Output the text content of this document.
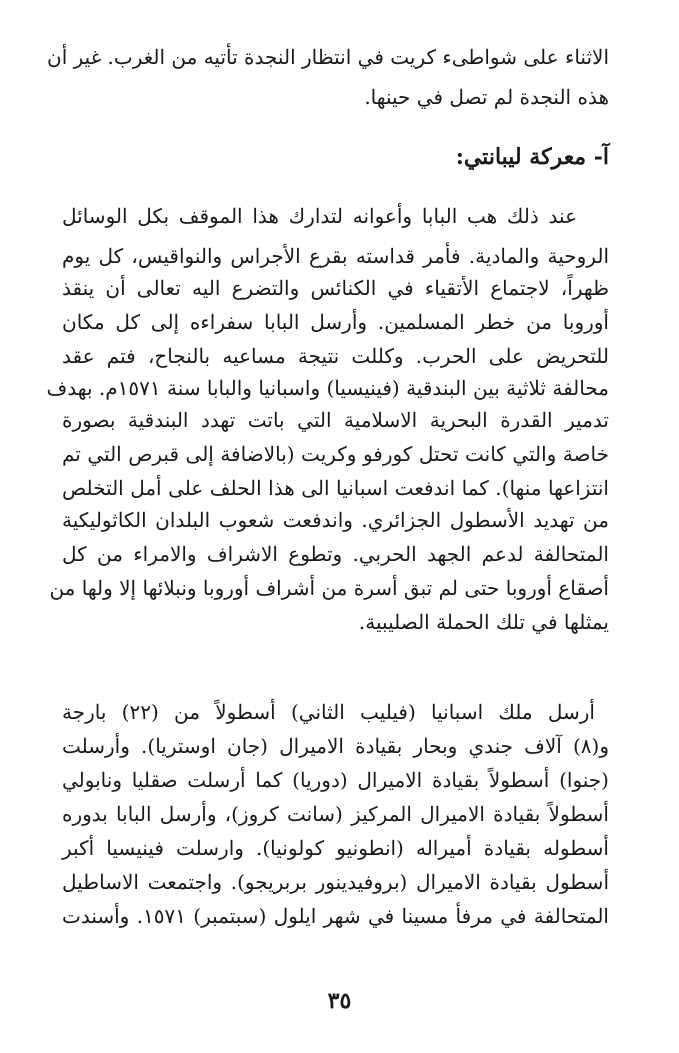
الاثناء على شواطىء كريت في انتظار النجدة تأتيه من الغرب. غير أن
هذه النجدة لم تصل في حينها.
آ- معركة ليبانتي:
عند ذلك هب البابا وأعوانه لتدارك هذا الموقف بكل الوسائل
الروحية والمادية. فأمر قداسته بقرع الأجراس والنواقيس، كل يوم
ظهراً، لاجتماع الأتقياء في الكنائس والتضرع اليه تعالى أن ينقذ
أوروبا من خطر المسلمين. وأرسل البابا سفراءه إلى كل مكان
للتحريض على الحرب. وكللت نتيجة مساعيه بالنجاح، فتم عقد
محالفة ثلاثية بين البندقية (فينيسيا) واسبانيا والبابا سنة ١٥٧١م. بهدف
تدمير القدرة البحرية الاسلامية التي باتت تهدد البندقية بصورة
خاصة والتي كانت تحتل كورفو وكريت (بالاضافة إلى قبرص التي تم
انتزاعها منها). كما اندفعت اسبانيا الى هذا الحلف على أمل التخلص
من تهديد الأسطول الجزائري. واندفعت شعوب البلدان الكاثوليكية
المتحالفة لدعم الجهد الحربي. وتطوع الاشراف والامراء من كل
أصقاع أوروبا حتى لم تبق أسرة من أشراف أوروبا ونبلائها إلا ولها من
يمثلها في تلك الحملة الصليبية.
أرسل ملك اسبانيا (فيليب الثاني) أسطولاً من (٢٢) بارجة
و(٨) آلاف جندي وبحار بقيادة الاميرال (جان اوستريا). وأرسلت
(جنوا) أسطولاً بقيادة الاميرال (دوريا) كما أرسلت صقليا ونابولي
أسطولاً بقيادة الاميرال المركيز (سانت كروز)، وأرسل البابا بدوره
أسطوله بقيادة أميراله (انطونيو كولونيا). وارسلت فينيسيا أكبر
أسطول بقيادة الاميرال (بروفيدينور بربريجو). واجتمعت الاساطيل
المتحالفة في مرفأ مسينا في شهر ايلول (سبتمبر) ١٥٧١. وأسندت
٣٥
